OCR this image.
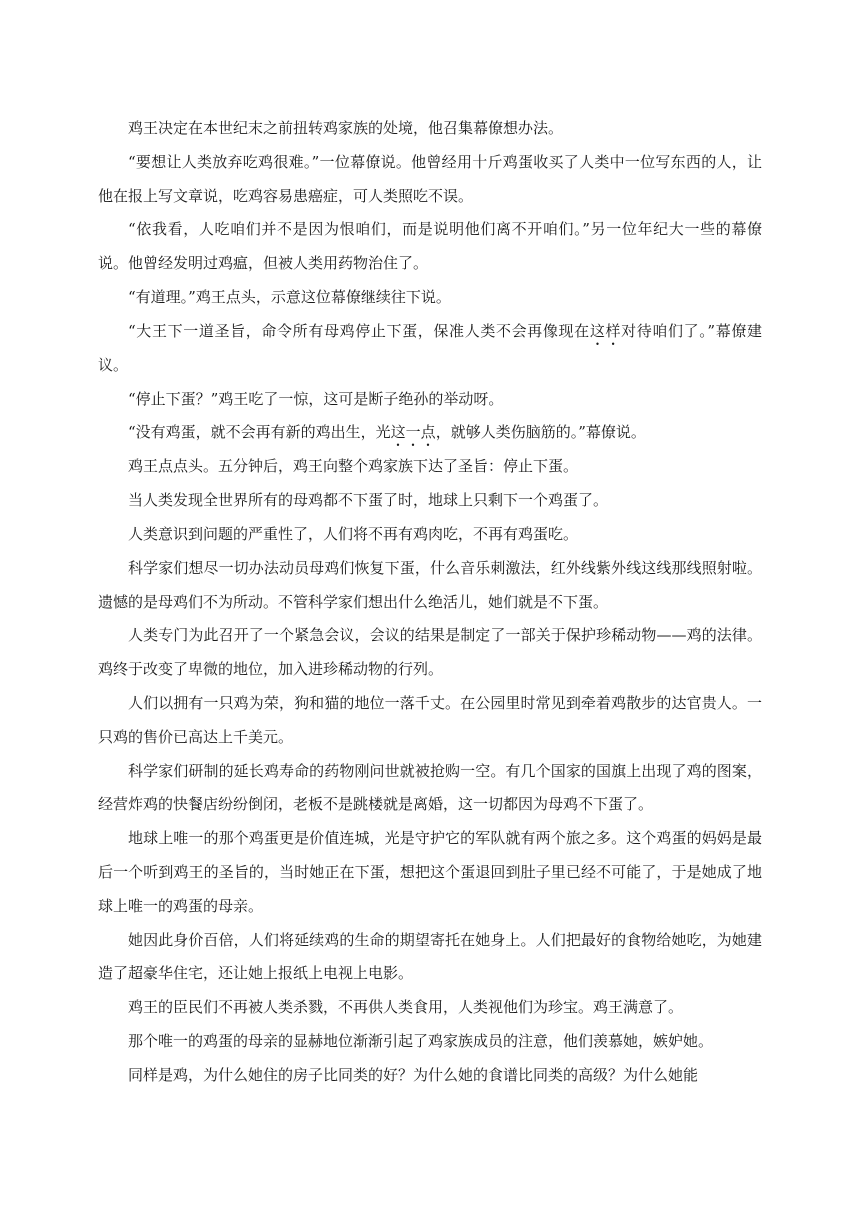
鸡王决定在本世纪末之前扭转鸡家族的处境，他召集幕僚想办法。

“要想让人类放弃吃鸡很难。”一位幕僚说。他曾经用十斤鸡蛋收买了人类中一位写东西的人，让他在报上写文章说，吃鸡容易患癌症，可人类照吃不误。

“依我看，人吃咱们并不是因为恨咱们，而是说明他们离不开咱们。”另一位年纪大一些的幕僚说。他曾经发明过鸡瘟，但被人类用药物治住了。

“有道理。”鸡王点头，示意这位幕僚继续往下说。

“大王下一道圣旨，命令所有母鸡停止下蛋，保准人类不会再像现在这样对待咱们了。”幕僚建议。

“停止下蛋？”鸡王吃了一惊，这可是断子绝孙的举动呀。

“没有鸡蛋，就不会再有新的鸡出生，光这一点，就够人类伤脑筋的。”幕僚说。

鸡王点点头。五分钟后，鸡王向整个鸡家族下达了圣旨：停止下蛋。

当人类发现全世界所有的母鸡都不下蛋了时，地球上只剩下一个鸡蛋了。

人类意识到问题的严重性了，人们将不再有鸡肉吃，不再有鸡蛋吃。

科学家们想尽一切办法动员母鸡们恢复下蛋，什么音乐刺激法，红外线紫外线这线那线照射啦。遗憾的是母鸡们不为所动。不管科学家们想出什么绝活儿，她们就是不下蛋。

人类专门为此召开了一个紧急会议，会议的结果是制定了一部关于保护珍稀动物——鸡的法律。鸡终于改变了卑微的地位，加入进珍稀动物的行列。

人们以拥有一只鸡为荣，狗和猫的地位一落千丈。在公园里时常见到牵着鸡散步的达官贵人。一只鸡的售价已高达上千美元。

科学家们研制的延长鸡寿命的药物刚问世就被抢购一空。有几个国家的国旗上出现了鸡的图案，经营炸鸡的快餐店纷纷倒闭，老板不是跳楼就是离婚，这一切都因为母鸡不下蛋了。

地球上唯一的那个鸡蛋更是价值连城，光是守护它的军队就有两个旅之多。这个鸡蛋的妈妈是最后一个听到鸡王的圣旨的，当时她正在下蛋，想把这个蛋退回到肚子里已经不可能了，于是她成了地球上唯一的鸡蛋的母亲。

她因此身价百倍，人们将延续鸡的生命的期望寄托在她身上。人们把最好的食物给她吃，为她建造了超豪华住宅，还让她上报纸上电视上电影。

鸡王的臣民们不再被人类杀戮，不再供人类食用，人类视他们为珍宝。鸡王满意了。

那个唯一的鸡蛋的母亲的显赫地位渐渐引起了鸡家族成员的注意，他们羡慕她，嫉妒她。

同样是鸡，为什么她住的房子比同类的好？为什么她的食谱比同类的高级？为什么她能
